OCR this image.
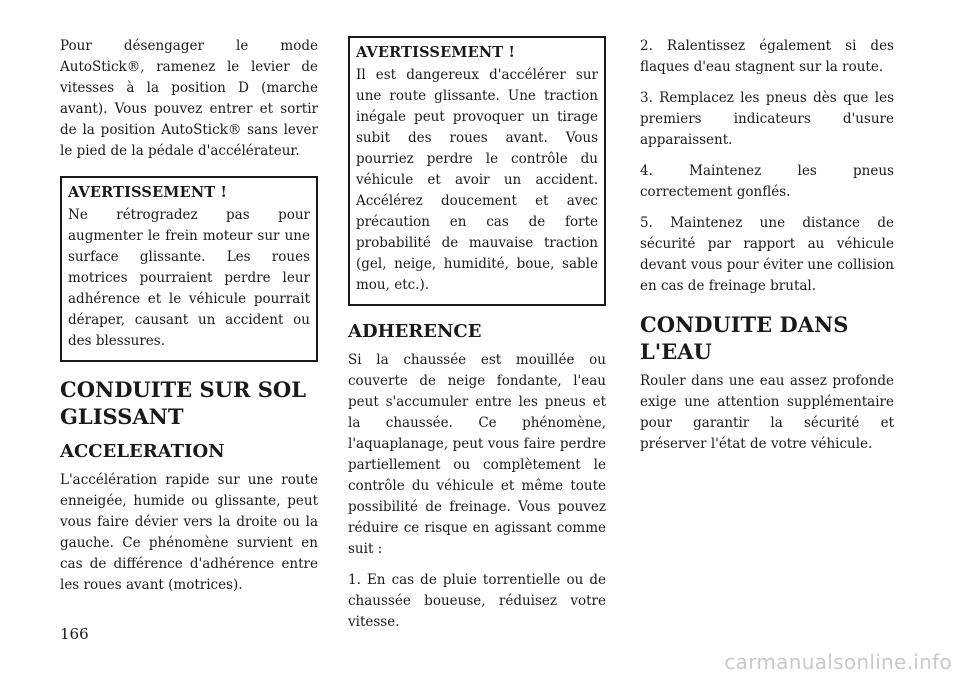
Pour désengager le mode AutoStick®, ramenez le levier de vitesses à la position D (marche avant). Vous pouvez entrer et sortir de la position AutoStick® sans lever le pied de la pédale d'accélérateur.

AVERTISSEMENT !

Ne rétrogradez pas pour augmenter le frein moteur sur une surface glissante. Les roues motrices pourraient perdre leur adhérence et le véhicule pourrait déraper, causant un accident ou des blessures.

CONDUITE SUR SOL GLISSANT
ACCELERATION

L'accélération rapide sur une route enneigée, humide ou glissante, peut vous faire dévier vers la droite ou la gauche. Ce phénomène survient en cas de différence d'adhérence entre les roues avant (motrices).

AVERTISSEMENT !

Il est dangereux d'accélérer sur une route glissante. Une traction inégale peut provoquer un tirage subit des roues avant. Vous pourriez perdre le contrôle du véhicule et avoir un accident. Accélérez doucement et avec précaution en cas de forte probabilité de mauvaise traction (gel, neige, humidité, boue, sable mou, etc.).

ADHERENCE

Si la chaussée est mouillée ou couverte de neige fondante, l'eau peut s'accumuler entre les pneus et la chaussée. Ce phénomène, l'aquaplanage, peut vous faire perdre partiellement ou complètement le contrôle du véhicule et même toute possibilité de freinage. Vous pouvez réduire ce risque en agissant comme suit :

1. En cas de pluie torrentielle ou de chaussée boueuse, réduisez votre vitesse.

2. Ralentissez également si des flaques d'eau stagnent sur la route.

3. Remplacez les pneus dès que les premiers indicateurs d'usure apparaissent.

4. Maintenez les pneus correctement gonflés.

5. Maintenez une distance de sécurité par rapport au véhicule devant vous pour éviter une collision en cas de freinage brutal.

CONDUITE DANS L'EAU

Rouler dans une eau assez profonde exige une attention supplémentaire pour garantir la sécurité et préserver l'état de votre véhicule.

166
carmanualsonline.info
